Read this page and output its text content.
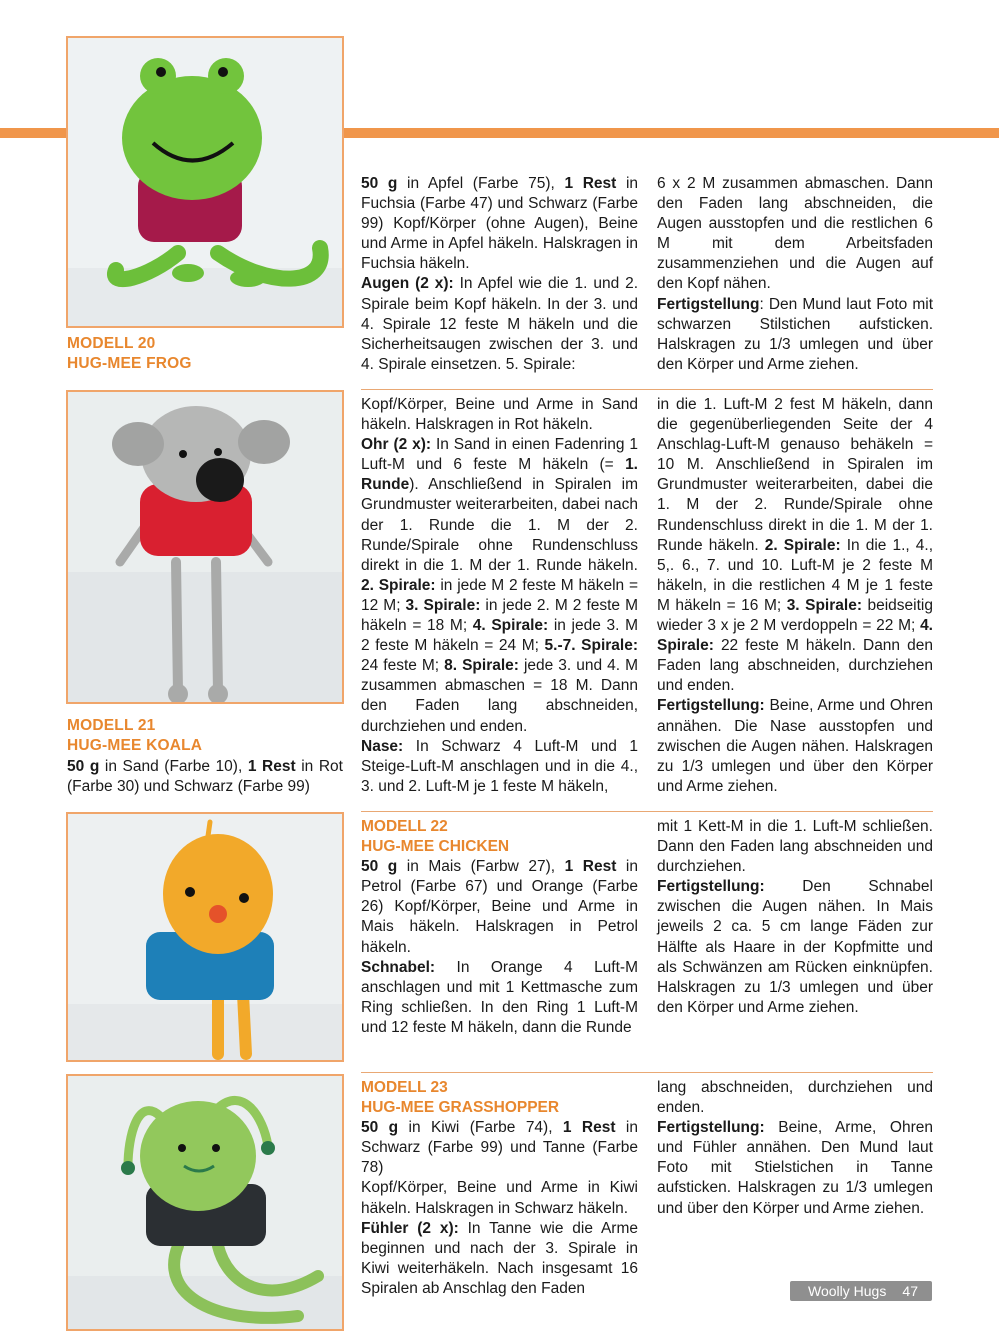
MODELL 20
HUG-MEE FROG
MODELL 21
HUG-MEE KOALA

50 g in Sand (Farbe 10), 1 Rest in Rot (Farbe 30) und Schwarz (Farbe 99)

50 g in Apfel (Farbe 75), 1 Rest in Fuchsia (Farbe 47) und Schwarz (Farbe 99) Kopf/Körper (ohne Augen), Beine und Arme in Apfel häkeln. Halskragen in Fuchsia häkeln.

Augen (2 x): In Apfel wie die 1. und 2. Spirale beim Kopf häkeln. In der 3. und 4. Spirale 12 feste M häkeln und die Sicherheitsaugen zwischen der 3. und 4. Spirale einsetzen. 5. Spirale:

6 x 2 M zusammen abmaschen. Dann den Faden lang abschneiden, die Augen ausstopfen und die restlichen 6 M mit dem Arbeitsfaden zusammenziehen und die Augen auf den Kopf nähen.

Fertigstellung: Den Mund laut Foto mit schwarzen Stilstichen aufsticken. Halskragen zu 1/3 umlegen und über den Körper und Arme ziehen.

Kopf/Körper, Beine und Arme in Sand häkeln. Halskragen in Rot häkeln.

Ohr (2 x): In Sand in einen Fadenring 1 Luft-M und 6 feste M häkeln (= 1. Runde). Anschließend in Spiralen im Grundmuster weiterarbeiten, dabei nach der 1. Runde die 1. M der 2. Runde/Spirale ohne Rundenschluss direkt in die 1. M der 1. Runde häkeln. 2. Spirale: in jede M 2 feste M häkeln = 12 M; 3. Spirale: in jede 2. M 2 feste M häkeln = 18 M; 4. Spirale: in jede 3. M 2 feste M häkeln = 24 M; 5.-7. Spirale: 24 feste M; 8. Spirale: jede 3. und 4. M zusammen abmaschen = 18 M. Dann den Faden lang abschneiden, durchziehen und enden.

Nase: In Schwarz 4 Luft-M und 1 Steige-Luft-M anschlagen und in die 4., 3. und 2. Luft-M je 1 feste M häkeln,

in die 1. Luft-M 2 fest M häkeln, dann die gegenüberliegenden Seite der 4 Anschlag-Luft-M genauso behäkeln = 10 M. Anschließend in Spiralen im Grundmuster weiterarbeiten, dabei die 1. M der 2. Runde/Spirale ohne Rundenschluss direkt in die 1. M der 1. Runde häkeln. 2. Spirale: In die 1., 4., 5,. 6., 7. und 10. Luft-M je 2 feste M häkeln, in die restlichen 4 M je 1 feste M häkeln = 16 M; 3. Spirale: beidseitig wieder 3 x je 2 M verdoppeln = 22 M; 4. Spirale: 22 feste M häkeln. Dann den Faden lang abschneiden, durchziehen und enden.

Fertigstellung: Beine, Arme und Ohren annähen. Die Nase ausstopfen und zwischen die Augen nähen. Halskragen zu 1/3 umlegen und über den Körper und Arme ziehen.

MODELL 22

HUG-MEE CHICKEN

50 g in Mais (Farbw 27), 1 Rest in Petrol (Farbe 67) und Orange (Farbe 26) Kopf/Körper, Beine und Arme in Mais häkeln. Halskragen in Petrol häkeln.

Schnabel: In Orange 4 Luft-M anschlagen und mit 1 Kettmasche zum Ring schließen. In den Ring 1 Luft-M und 12 feste M häkeln, dann die Runde

mit 1 Kett-M in die 1. Luft-M schließen. Dann den Faden lang abschneiden und durchziehen.

Fertigstellung: Den Schnabel zwischen die Augen nähen. In Mais jeweils 2 ca. 5 cm lange Fäden zur Hälfte als Haare in der Kopfmitte und als Schwänzen am Rücken einknüpfen. Halskragen zu 1/3 umlegen und über den Körper und Arme ziehen.

MODELL 23

HUG-MEE GRASSHOPPER

50 g in Kiwi (Farbe 74), 1 Rest in Schwarz (Farbe 99) und Tanne (Farbe 78)

Kopf/Körper, Beine und Arme in Kiwi häkeln. Halskragen in Schwarz häkeln.

Fühler (2 x): In Tanne wie die Arme beginnen und nach der 3. Spirale in Kiwi weiterhäkeln. Nach insgesamt 16 Spiralen ab Anschlag den Faden

lang abschneiden, durchziehen und enden.

Fertigstellung: Beine, Arme, Ohren und Fühler annähen. Den Mund laut Foto mit Stielstichen in Tanne aufsticken. Halskragen zu 1/3 umlegen und über den Körper und Arme ziehen.

Woolly Hugs 47
